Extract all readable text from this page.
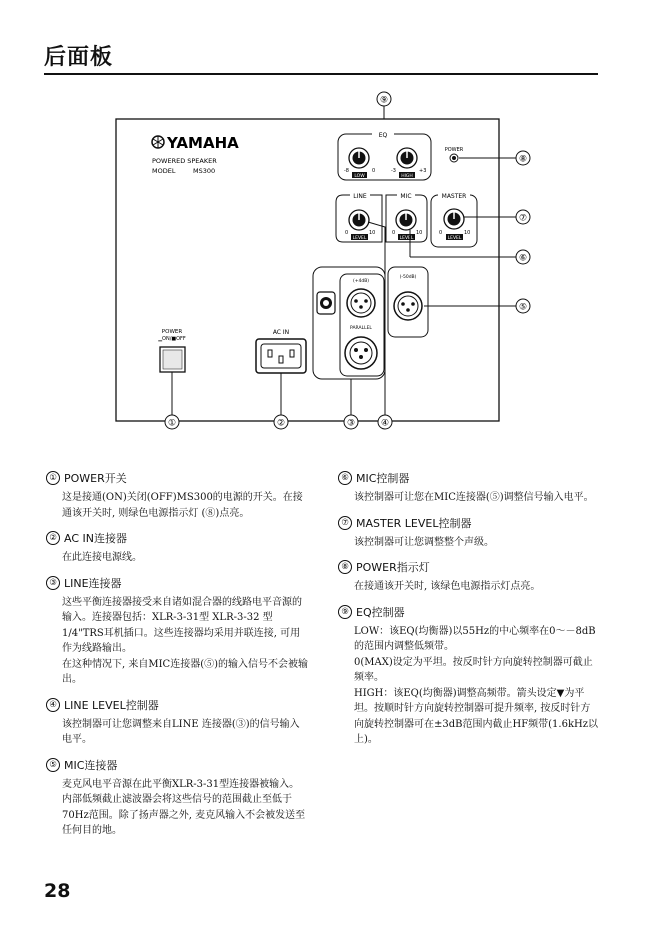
后面板
⑨
YAMAHA
POWERED SPEAKER
MODEL	MS300
EQ
-8	0
LOW
-3	+3
HIGH
POWER
⑧
LINE
0	10
LEVEL
MIC
0	10
LEVEL
MASTER
0	10
LEVEL
⑦
⑥
(+4dB)
PARALLEL
(-50dB)
⑤
POWER
▁ON/■OFF
①
AC IN
②	③	④
① POWER开关

这是接通(ON)关闭(OFF)MS300的电源的开关。在接通该开关时, 则绿色电源指示灯 (⑧)点亮。

② AC IN连接器

在此连接电源线。

③ LINE连接器

这些平衡连接器接受来自诸如混合器的线路电平音源的输入。连接器包括：XLR-3-31型 XLR-3-32 型1/4"TRS耳机插口。这些连接器均采用并联连接, 可用作为线路输出。

在这种情况下, 来自MIC连接器(⑤)的输入信号不会被输出。

④ LINE LEVEL控制器

该控制器可让您调整来自LINE 连接器(③)的信号输入电平。

⑤ MIC连接器

麦克风电平音源在此平衡XLR-3-31型连接器被输入。内部低频截止滤波器会将这些信号的范围截止至低于70Hz范围。除了扬声器之外, 麦克风输入不会被发送至任何目的地。

⑥ MIC控制器

该控制器可让您在MIC连接器(⑤)调整信号输入电平。

⑦ MASTER LEVEL控制器

该控制器可让您调整整个声级。

⑧ POWER指示灯

在接通该开关时, 该绿色电源指示灯点亮。

⑨ EQ控制器

LOW：该EQ(均衡器)以55Hz的中心频率在0～－8dB的范围内调整低频带。

0(MAX)设定为平坦。按反时针方向旋转控制器可截止频率。

HIGH：该EQ(均衡器)调整高频带。箭头设定▼为平坦。按顺时针方向旋转控制器可提升频率, 按反时针方向旋转控制器可在±3dB范围内截止HF频带(1.6kHz以上)。

28
